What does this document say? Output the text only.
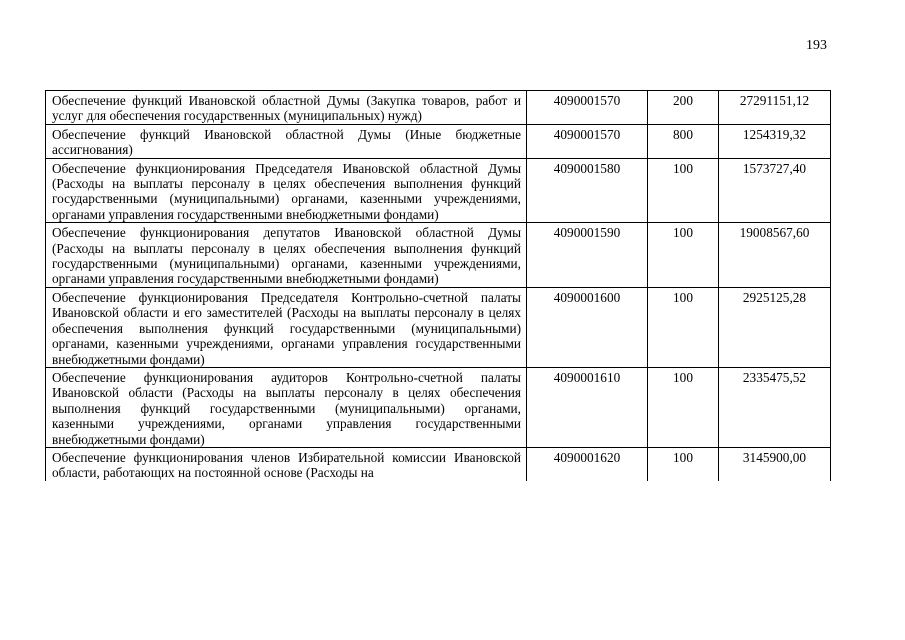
193
Обеспечение функций Ивановской областной Думы (Закупка товаров, работ и услуг для обеспечения государственных (муниципальных) нужд)	4090001570	200	27291151,12
Обеспечение функций Ивановской областной Думы (Иные бюджетные ассигнования)	4090001570	800	1254319,32
Обеспечение функционирования Председателя Ивановской областной Думы (Расходы на выплаты персоналу в целях обеспечения выполнения функций государственными (муниципальными) органами, казенными учреждениями, органами управления государственными внебюджетными фондами)	4090001580	100	1573727,40
Обеспечение функционирования депутатов Ивановской областной Думы (Расходы на выплаты персоналу в целях обеспечения выполнения функций государственными (муниципальными) органами, казенными учреждениями, органами управления государственными внебюджетными фондами)	4090001590	100	19008567,60
Обеспечение функционирования Председателя Контрольно-счетной палаты Ивановской области и его заместителей (Расходы на выплаты персоналу в целях обеспечения выполнения функций государственными (муниципальными) органами, казенными учреждениями, органами управления государственными внебюджетными фондами)	4090001600	100	2925125,28
Обеспечение функционирования аудиторов Контрольно-счетной палаты Ивановской области (Расходы на выплаты персоналу в целях обеспечения выполнения функций государственными (муниципальными) органами, казенными учреждениями, органами управления государственными внебюджетными фондами)	4090001610	100	2335475,52
Обеспечение функционирования членов Избирательной комиссии Ивановской области, работающих на постоянной основе (Расходы на	4090001620	100	3145900,00
